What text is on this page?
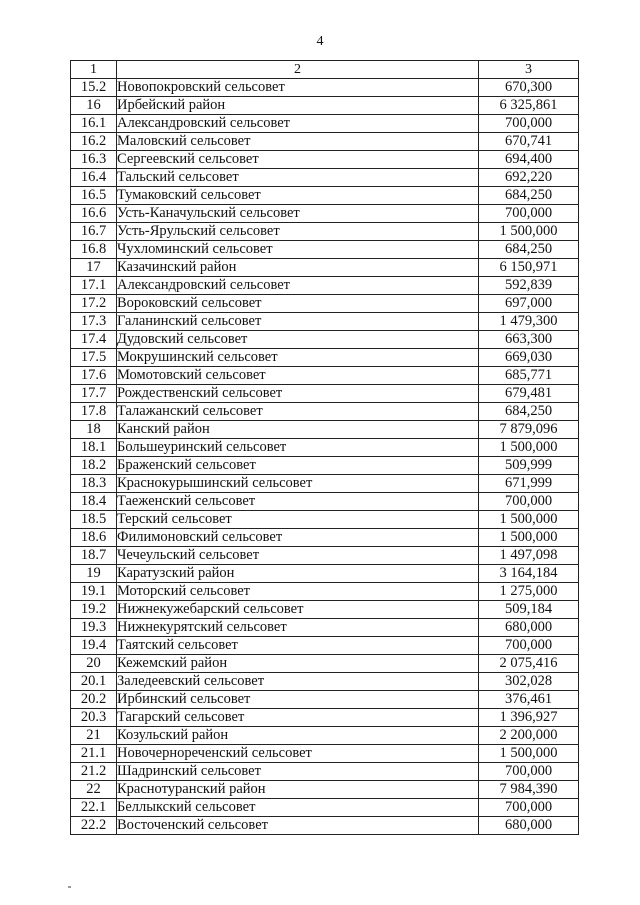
4
1	2	3
15.2	Новопокровский сельсовет	670,300
16	Ирбейский район	6 325,861
16.1	Александровский сельсовет	700,000
16.2	Маловский сельсовет	670,741
16.3	Сергеевский сельсовет	694,400
16.4	Тальский сельсовет	692,220
16.5	Тумаковский сельсовет	684,250
16.6	Усть-Каначульский сельсовет	700,000
16.7	Усть-Ярульский сельсовет	1 500,000
16.8	Чухломинский сельсовет	684,250
17	Казачинский район	6 150,971
17.1	Александровский сельсовет	592,839
17.2	Вороковский сельсовет	697,000
17.3	Галанинский сельсовет	1 479,300
17.4	Дудовский сельсовет	663,300
17.5	Мокрушинский сельсовет	669,030
17.6	Момотовский сельсовет	685,771
17.7	Рождественский сельсовет	679,481
17.8	Талажанский сельсовет	684,250
18	Канский район	7 879,096
18.1	Большеуринский сельсовет	1 500,000
18.2	Браженский сельсовет	509,999
18.3	Краснокурышинский сельсовет	671,999
18.4	Таеженский сельсовет	700,000
18.5	Терский сельсовет	1 500,000
18.6	Филимоновский сельсовет	1 500,000
18.7	Чечеульский сельсовет	1 497,098
19	Каратузский район	3 164,184
19.1	Моторский сельсовет	1 275,000
19.2	Нижнекужебарский сельсовет	509,184
19.3	Нижнекурятский сельсовет	680,000
19.4	Таятский сельсовет	700,000
20	Кежемский район	2 075,416
20.1	Заледеевский сельсовет	302,028
20.2	Ирбинский сельсовет	376,461
20.3	Тагарский сельсовет	1 396,927
21	Козульский район	2 200,000
21.1	Новочернореченский сельсовет	1 500,000
21.2	Шадринский сельсовет	700,000
22	Краснотуранский район	7 984,390
22.1	Беллыкский сельсовет	700,000
22.2	Восточенский сельсовет	680,000
